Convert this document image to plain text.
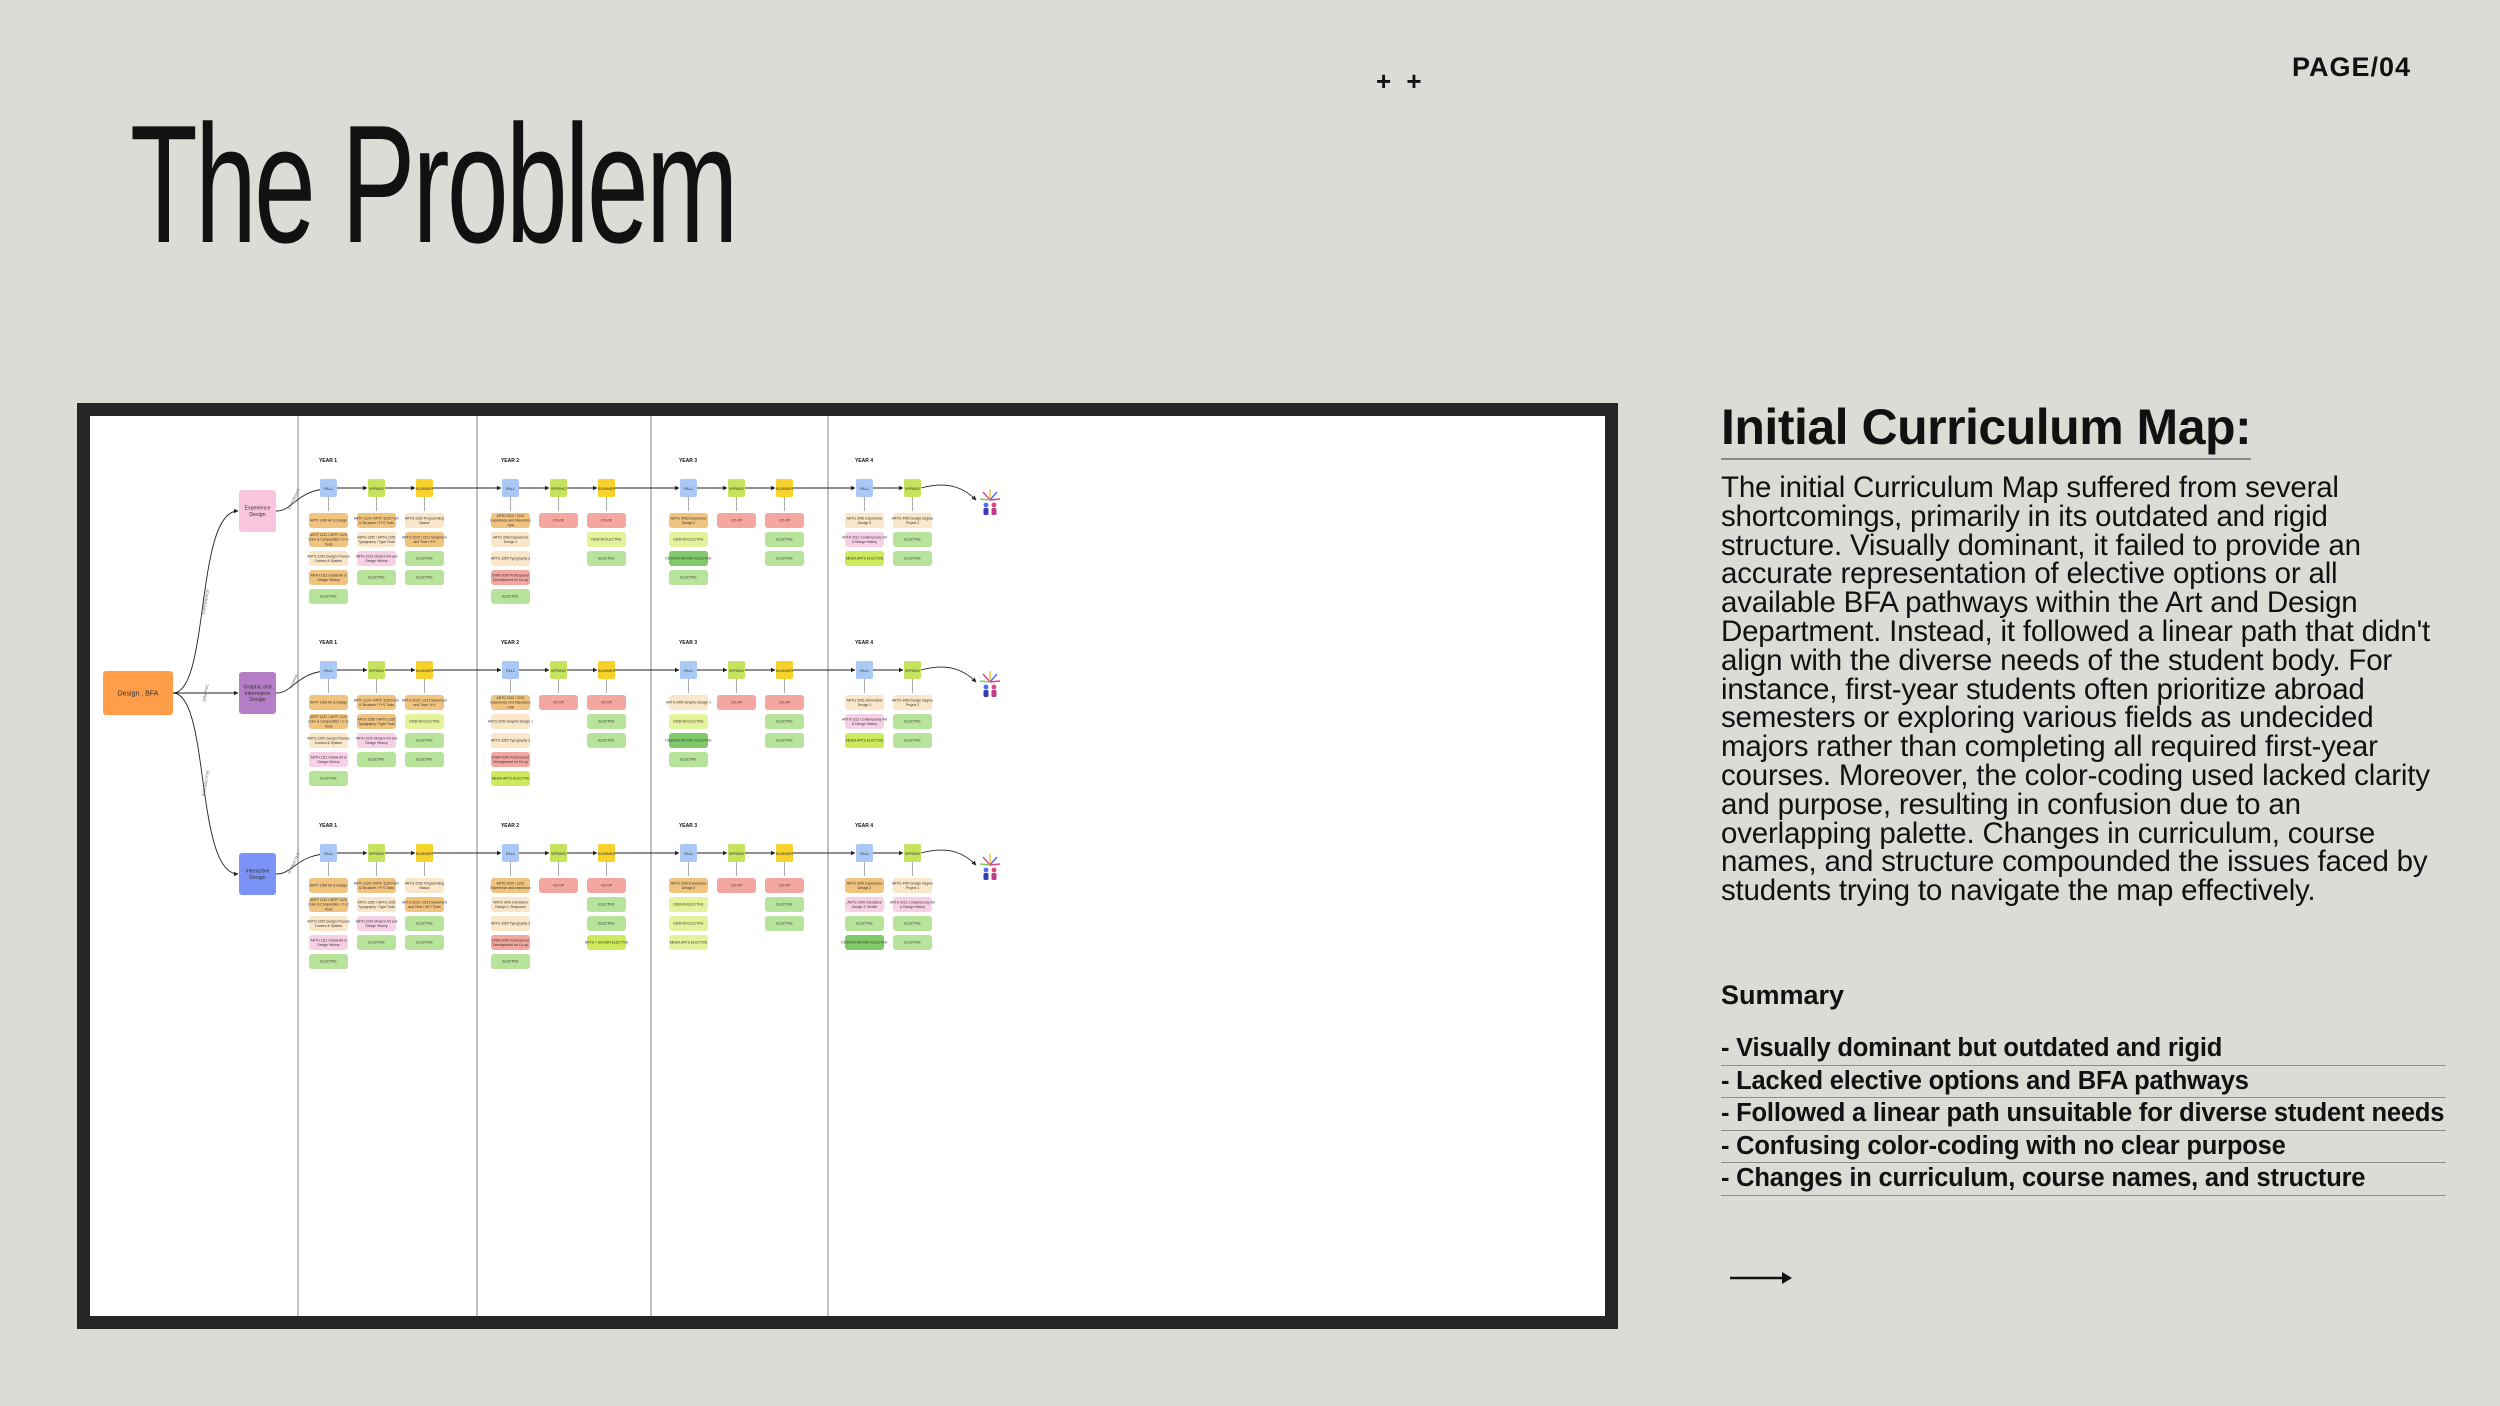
PAGE/04
+ +
The Problem
Design , BFA
EXPERIENCE
Experience
Design
EXPERIENCE
YEAR 1
FALL
ARTF 1000 Art & Design
ARTF 1122 / ARTF 1123
Color & Composition / C+C
Tools
ARTG 1250 Design Process
Context & System
ARTH 1111 Global Art &
Design History
ELECTIVE
SPRING
ARTF 1124 / ARTF 1125 Form
& Structure / F+S Tools
ARTG 2250 / ARTG 2251
Typography / Type Tools
ARTH 2210 Modern Art and
Design History
ELECTIVE
SUMMER
ARTG 2260 Programming
Basics
ARTG 2220 / 2221 Movement
and Time / X+I
ELECTIVE
ELECTIVE
YEAR 2
FALL
ARTD 2220 / 2221
Experience and Interaction
/ WH
ARTG 3462 Experience
Design 1
ARTG 3350 Typography 2
ENMI 2000 Professional
Development for Co-op
ELECTIVE
SPRING
CO-OP
SUMMER
CO-OP
DESIGN ELECTIVE
ELECTIVE
YEAR 3
FALL
ARTG 3463 Experience
Design 2
DESIGN ELECTIVE
DESIGN HISTORY ELECTIVE
ELECTIVE
SPRING
CO-OP
SUMMER
CO-OP
ELECTIVE
ELECTIVE
YEAR 4
FALL
ARTG 3451 Experience
Design 3
ARTH 2211 Contemporary Art
& Design History
MEDIA ARTS ELECTIVE
SPRING
ARTG 4450 Design Degree
Project 1
ELECTIVE
ELECTIVE
GRAPHIC	Graphic and
Information
Design
GRAPHIC
YEAR 1
FALL
ARTF 1000 Art & Design
ARTF 1122 / ARTF 1123
Color & Composition / C+C
Tools
ARTG 1250 Design Process
Context & System
ARTH 1111 Global Art &
Design History
ELECTIVE
SPRING
ARTF 1124 / ARTF 1125 Form
& Structure / F+S Tools
ARTG 2250 / ARTG 2251
Typography / Type Tools
ARTH 2210 Modern Art and
Design History
ELECTIVE
SUMMER
ARTG 2220 / 2221 Movement
and Time / X+I
DESIGN ELECTIVE
ELECTIVE
ELECTIVE
YEAR 2
FALL
ARTD 2220 / 2221
Experience and Interaction
/ WH
ARTG 2252 Graphic Design 1
ARTG 3350 Typography 2
ENMI 2000 Professional
Development for Co-op
MEDIA ARTS ELECTIVE
SPRING
CO-OP
SUMMER
CO-OP
ELECTIVE
ELECTIVE
YEAR 3
FALL
ARTG 3450 Graphic Design 2
DESIGN ELECTIVE
DESIGN HISTORY ELECTIVE
ELECTIVE
SPRING
CO-OP
SUMMER
CO-OP
ELECTIVE
ELECTIVE
YEAR 4
FALL
ARTG 3451 Information
Design 1
ARTH 2211 Contemporary Art
& Design History
MEDIA ARTS ELECTIVE
SPRING
ARTG 4450 Design Degree
Project 1
ELECTIVE
ELECTIVE
INTERACTIVE
Interactive
Design
INTERACTIVE
YEAR 1
FALL
ARTF 1000 Art & Design
ARTF 1122 / ARTF 1123
Color & Composition / C+C
Tools
ARTG 1250 Design Process
Context & System
ARTH 1111 Global Art &
Design History
ELECTIVE
SPRING
ARTF 1124 / ARTF 1125 Form
& Structure / F+S Tools
ARTG 2250 / ARTG 2251
Typography / Type Tools
ARTH 2210 Modern Art and
Design History
ELECTIVE
SUMMER
ARTG 2260 Programming
Basics
ARTG 2220 / 2221 Movement
and Time / M+T Tools
ELECTIVE
ELECTIVE
YEAR 2
FALL
ARTD 2220 / 2221
Experience and Interaction
ARTG 2400 Interactive
Design 1: Response
ARTG 3350 Typography 2
ENMI 2000 Professional
Development for Co-op
ELECTIVE
SPRING
CO-OP
SUMMER
CO-OP
ELECTIVE
ELECTIVE
ARTS + DESIGN ELECTIVE
YEAR 3
FALL
ARTG 3463 Experience
Design 2
DESIGN ELECTIVE
DESIGN ELECTIVE
MEDIA ARTS ELECTIVE
SPRING
CO-OP
SUMMER
CO-OP
ELECTIVE
ELECTIVE
YEAR 4
FALL
ARTG 3451 Experience
Design 3
ARTG 3700 Interactive
Design 2: Mobile
ELECTIVE
DESIGN HISTORY ELECTIVE
SPRING
ARTG 4450 Design Degree
Project 1
ARTH 2211 Contemporary Art
& Design History
ELECTIVE
ELECTIVE
Initial Curriculum Map:

The initial Curriculum Map suffered from several shortcomings, primarily in its outdated and rigid structure. Visually dominant, it failed to provide an accurate representation of elective options or all available BFA pathways within the Art and Design Department. Instead, it followed a linear path that didn't align with the diverse needs of the student body. For instance, first-year students often prioritize abroad semesters or exploring various fields as undecided majors rather than completing all required first-year courses. Moreover, the color-coding used lacked clarity and purpose, resulting in confusion due to an overlapping palette. Changes in curriculum, course names, and structure compounded the issues faced by students trying to navigate the map effectively.

Summary
- Visually dominant but outdated and rigid
- Lacked elective options and BFA pathways
- Followed a linear path unsuitable for diverse student needs
- Confusing color-coding with no clear purpose
- Changes in curriculum, course names, and structure
